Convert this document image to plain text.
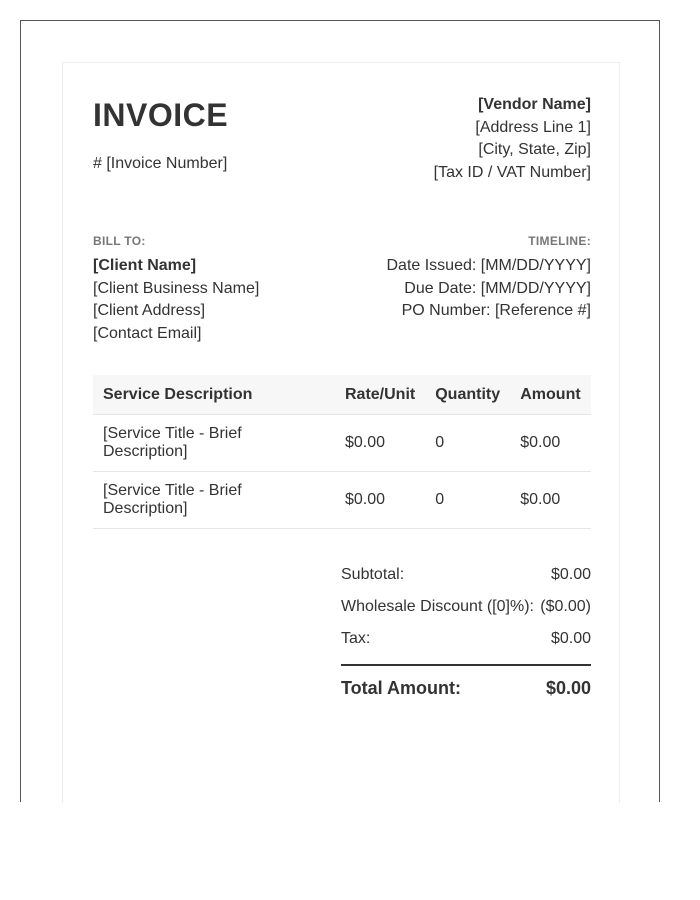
INVOICE
# [Invoice Number]
[Vendor Name]
[Address Line 1]
[City, State, Zip]
[Tax ID / VAT Number]
BILL TO:
[Client Name]
[Client Business Name]
[Client Address]
[Contact Email]
TIMELINE:
Date Issued: [MM/DD/YYYY]
Due Date: [MM/DD/YYYY]
PO Number: [Reference #]
Service Description	Rate/Unit	Quantity	Amount
[Service Title - Brief Description]	$0.00	0	$0.00
[Service Title - Brief Description]	$0.00	0	$0.00
Subtotal:	$0.00
Wholesale Discount ([0]%): ($0.00)
Tax:	$0.00
Total Amount:	$0.00
